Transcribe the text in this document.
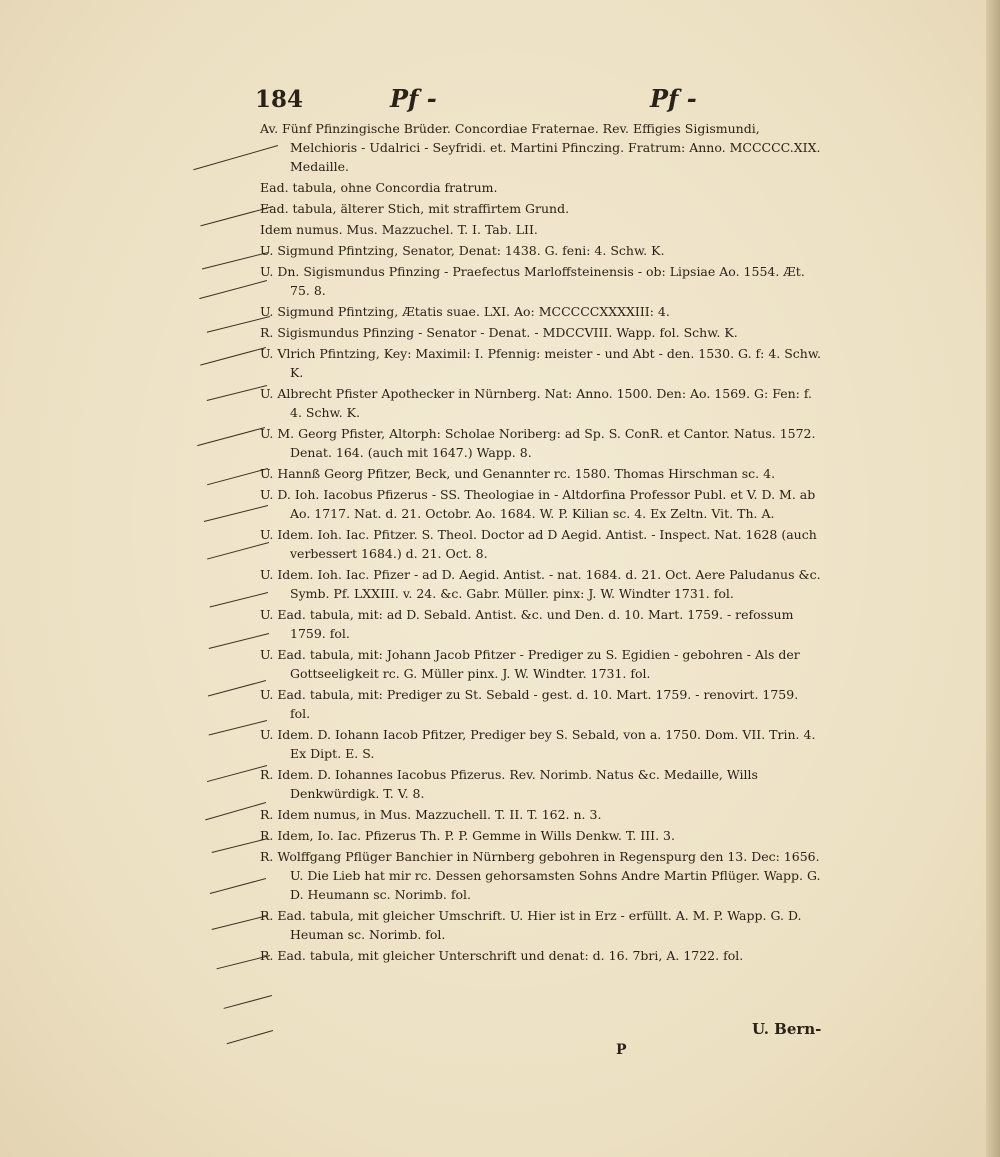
184	Pf -	Pf -
Av. Fünf Pfinzingische Brüder. Concordiae Fraternae. Rev. Effigies Sigismundi, Melchioris - Udalrici - Seyfridi. et. Martini Pfinczing. Fratrum: Anno. MCCCCC.XIX. Medaille.
Ead. tabula, ohne Concordia fratrum.
Ead. tabula, älterer Stich, mit straffirtem Grund.
Idem numus. Mus. Mazzuchel. T. I. Tab. LII.
U. Sigmund Pfintzing, Senator, Denat: 1438. G. feni: 4. Schw. K.
U. Dn. Sigismundus Pfinzing - Praefectus Marloffsteinensis - ob: Lipsiae Ao. 1554. Æt. 75. 8.
U. Sigmund Pfintzing, Ætatis suae. LXI. Ao: MCCCCCXXXXIII: 4.
R. Sigismundus Pfinzing - Senator - Denat. - MDCCVIII. Wapp. fol. Schw. K.
U. Vlrich Pfintzing, Key: Maximil: I. Pfennig: meister - und Abt - den. 1530. G. f: 4. Schw. K.
U. Albrecht Pfister Apothecker in Nürnberg. Nat: Anno. 1500. Den: Ao. 1569. G: Fen: f. 4. Schw. K.
U. M. Georg Pfister, Altorph: Scholae Noriberg: ad Sp. S. ConR. et Cantor. Natus. 1572. Denat. 164. (auch mit 1647.) Wapp. 8.
U. Hannß Georg Pfitzer, Beck, und Genannter rc. 1580. Thomas Hirschman sc. 4.
U. D. Ioh. Iacobus Pfizerus - SS. Theologiae in - Altdorfina Professor Publ. et V. D. M. ab Ao. 1717. Nat. d. 21. Octobr. Ao. 1684. W. P. Kilian sc. 4. Ex Zeltn. Vit. Th. A.
U. Idem. Ioh. Iac. Pfitzer. S. Theol. Doctor ad D Aegid. Antist. - Inspect. Nat. 1628 (auch verbessert 1684.) d. 21. Oct. 8.
U. Idem. Ioh. Iac. Pfizer - ad D. Aegid. Antist. - nat. 1684. d. 21. Oct. Aere Paludanus &c. Symb. Pf. LXXIII. v. 24. &c. Gabr. Müller. pinx: J. W. Windter 1731. fol.
U. Ead. tabula, mit: ad D. Sebald. Antist. &c. und Den. d. 10. Mart. 1759. - refossum 1759. fol.
U. Ead. tabula, mit: Johann Jacob Pfitzer - Prediger zu S. Egidien - gebohren - Als der Gottseeligkeit rc. G. Müller pinx. J. W. Windter. 1731. fol.
U. Ead. tabula, mit: Prediger zu St. Sebald - gest. d. 10. Mart. 1759. - renovirt. 1759. fol.
U. Idem. D. Iohann Iacob Pfitzer, Prediger bey S. Sebald, von a. 1750. Dom. VII. Trin. 4. Ex Dipt. E. S.
R. Idem. D. Iohannes Iacobus Pfizerus. Rev. Norimb. Natus &c. Medaille, Wills Denkwürdigk. T. V. 8.
R. Idem numus, in Mus. Mazzuchell. T. II. T. 162. n. 3.
R. Idem, Io. Iac. Pfizerus Th. P. P. Gemme in Wills Denkw. T. III. 3.
R. Wolffgang Pflüger Banchier in Nürnberg gebohren in Regenspurg den 13. Dec: 1656. U. Die Lieb hat mir rc. Dessen gehorsamsten Sohns Andre Martin Pflüger. Wapp. G. D. Heumann sc. Norimb. fol.
R. Ead. tabula, mit gleicher Umschrift. U. Hier ist in Erz - erfüllt. A. M. P. Wapp. G. D. Heuman sc. Norimb. fol.
R. Ead. tabula, mit gleicher Unterschrift und denat: d. 16. 7bri, A. 1722. fol.
U. Bern-
P
